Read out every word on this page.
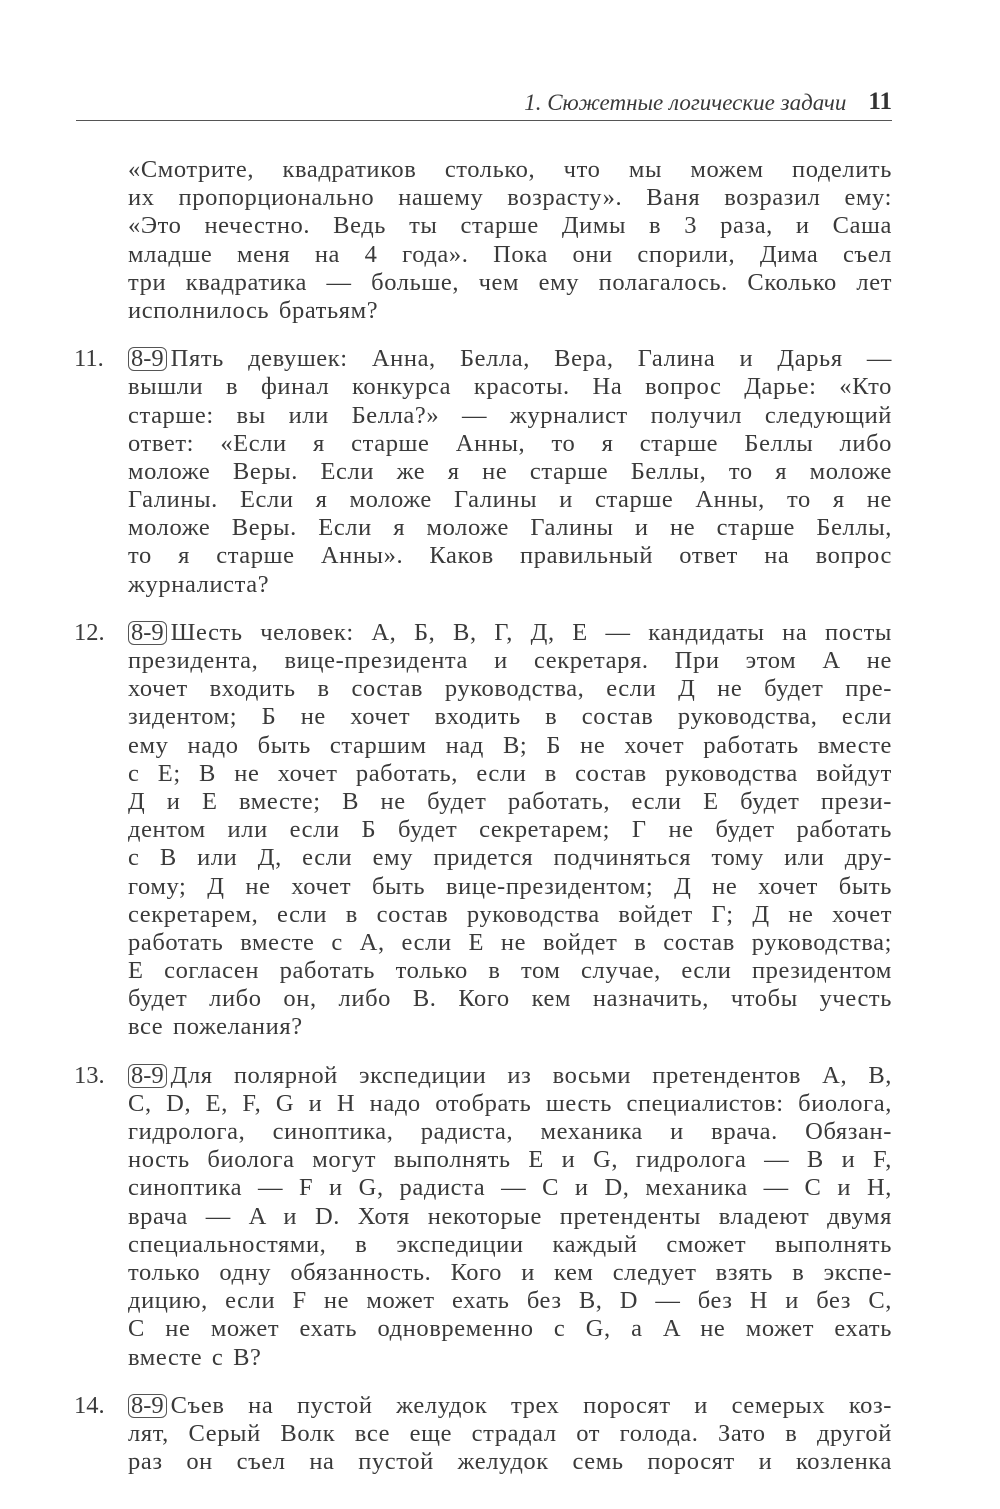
1. Сюжетные логические задачи 11
«Смотрите, квадратиков столько, что мы можем поделить
их пропорционально нашему возрасту». Ваня возразил ему:
«Это нечестно. Ведь ты старше Димы в 3 раза, и Саша
младше меня на 4 года». Пока они спорили, Дима съел
три квадратика — больше, чем ему полагалось. Сколько лет
исполнилось братьям?
11. 8-9 Пять девушек: Анна, Белла, Вера, Галина и Дарья —
вышли в финал конкурса красоты. На вопрос Дарье: «Кто
старше: вы или Белла?» — журналист получил следующий
ответ: «Если я старше Анны, то я старше Беллы либо
моложе Веры. Если же я не старше Беллы, то я моложе
Галины. Если я моложе Галины и старше Анны, то я не
моложе Веры. Если я моложе Галины и не старше Беллы,
то я старше Анны». Каков правильный ответ на вопрос
журналиста?
12. 8-9 Шесть человек: А, Б, В, Г, Д, Е — кандидаты на посты
президента, вице-президента и секретаря. При этом А не
хочет входить в состав руководства, если Д не будет пре-
зидентом; Б не хочет входить в состав руководства, если
ему надо быть старшим над В; Б не хочет работать вместе
с Е; В не хочет работать, если в состав руководства войдут
Д и Е вместе; В не будет работать, если Е будет прези-
дентом или если Б будет секретарем; Г не будет работать
с В или Д, если ему придется подчиняться тому или дру-
гому; Д не хочет быть вице-президентом; Д не хочет быть
секретарем, если в состав руководства войдет Г; Д не хочет
работать вместе с А, если Е не войдет в состав руководства;
Е согласен работать только в том случае, если президентом
будет либо он, либо В. Кого кем назначить, чтобы учесть
все пожелания?
13. 8-9 Для полярной экспедиции из восьми претендентов A, B,
C, D, E, F, G и H надо отобрать шесть специалистов: биолога,
гидролога, синоптика, радиста, механика и врача. Обязан-
ность биолога могут выполнять E и G, гидролога — B и F,
синоптика — F и G, радиста — C и D, механика — C и H,
врача — A и D. Хотя некоторые претенденты владеют двумя
специальностями, в экспедиции каждый сможет выполнять
только одну обязанность. Кого и кем следует взять в экспе-
дицию, если F не может ехать без B, D — без H и без C,
C не может ехать одновременно с G, а A не может ехать
вместе с B?
14. 8-9 Съев на пустой желудок трех поросят и семерых коз-
лят, Серый Волк все еще страдал от голода. Зато в другой
раз он съел на пустой желудок семь поросят и козленка
